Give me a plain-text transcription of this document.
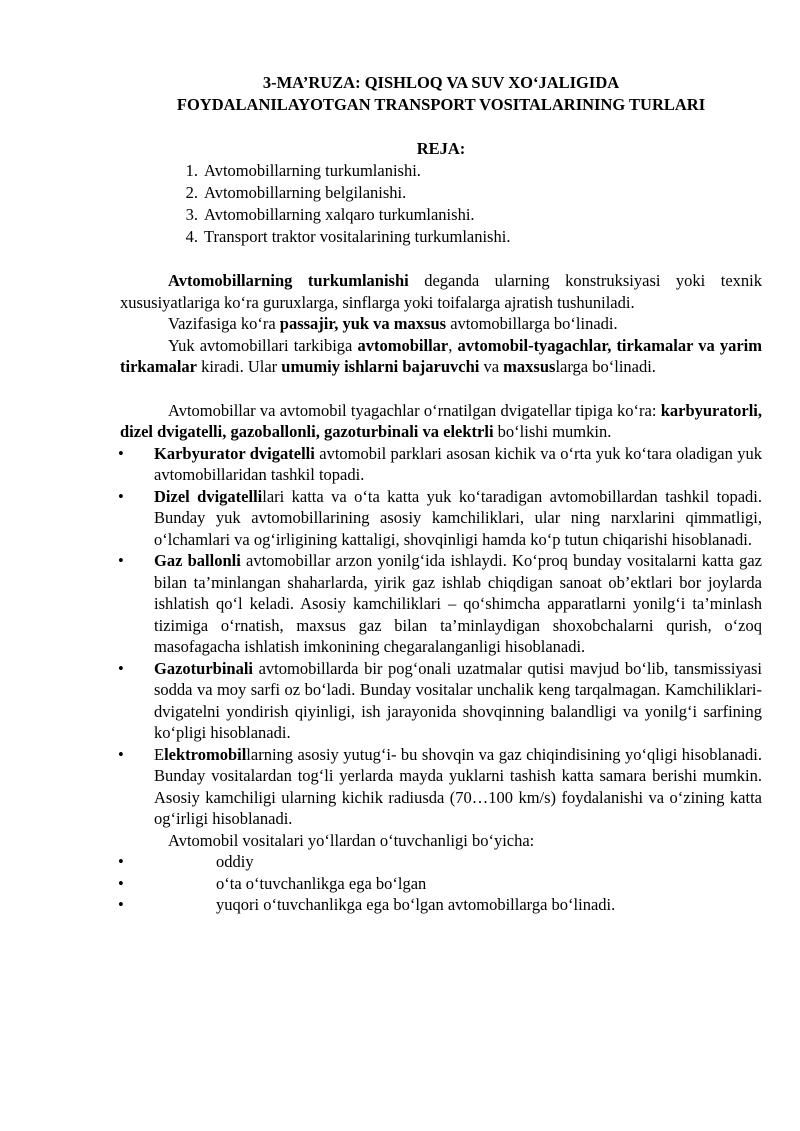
3-MA’RUZA: QISHLOQ VA SUV XO‘JALIGIDA
FOYDALANILAYOTGAN TRANSPORT VOSITALARINING TURLARI
REJA:
1. Avtomobillarning turkumlanishi.
2. Avtomobillarning belgilanishi.
3. Avtomobillarning xalqaro turkumlanishi.
4. Transport traktor vositalarining turkumlanishi.

Avtomobillarning turkumlanishi deganda ularning konstruksiyasi yoki texnik xususiyatlariga ko‘ra guruxlarga, sinflarga yoki toifalarga ajratish tushuniladi.

Vazifasiga ko‘ra passajir, yuk va maxsus avtomobillarga bo‘linadi.

Yuk avtomobillari tarkibiga avtomobillar, avtomobil-tyagachlar, tirkamalar va yarim tirkamalar kiradi. Ular umumiy ishlarni bajaruvchi va maxsuslarga bo‘linadi.

Avtomobillar va avtomobil tyagachlar o‘rnatilgan dvigatellar tipiga ko‘ra: karbyuratorli, dizel dvigatelli, gazoballonli, gazoturbinali va elektrli bo‘lishi mumkin.

•	Karbyurator dvigatelli avtomobil parklari asosan kichik va o‘rta yuk ko‘tara oladigan yuk avtomobillaridan tashkil topadi.
•	Dizel dvigatellilari katta va o‘ta katta yuk ko‘taradigan avtomobillardan tashkil topadi. Bunday yuk avtomobillarining asosiy kamchiliklari, ular ning narxlarini qimmatligi, o‘lchamlari va og‘irligining kattaligi, shovqinligi hamda ko‘p tutun chiqarishi hisoblanadi.
•	Gaz ballonli avtomobillar arzon yonilg‘ida ishlaydi. Ko‘proq bunday vositalarni katta gaz bilan ta’minlangan shaharlarda, yirik gaz ishlab chiqdigan sanoat ob’ektlari bor joylarda ishlatish qo‘l keladi. Asosiy kamchiliklari – qo‘shimcha apparatlarni yonilg‘i ta’minlash tizimiga o‘rnatish, maxsus gaz bilan ta’minlaydigan shoxobchalarni qurish, o‘zoq masofagacha ishlatish imkonining chegaralanganligi hisoblanadi.
•	Gazoturbinali avtomobillarda bir pog‘onali uzatmalar qutisi mavjud bo‘lib, tansmissiyasi sodda va moy sarfi oz bo‘ladi. Bunday vositalar unchalik keng tarqalmagan. Kamchiliklari- dvigatelni yondirish qiyinligi, ish jarayonida shovqinning balandligi va yonilg‘i sarfining ko‘pligi hisoblanadi.
•	Elektromobillarning asosiy yutug‘i- bu shovqin va gaz chiqindisining yo‘qligi hisoblanadi. Bunday vositalardan tog‘li yerlarda mayda yuklarni tashish katta samara berishi mumkin. Asosiy kamchiligi ularning kichik radiusda (70…100 km/s) foydalanishi va o‘zining katta og‘irligi hisoblanadi.

Avtomobil vositalari yo‘llardan o‘tuvchanligi bo‘yicha:

•	oddiy
•	o‘ta o‘tuvchanlikga ega bo‘lgan
•	yuqori o‘tuvchanlikga ega bo‘lgan avtomobillarga bo‘linadi.
